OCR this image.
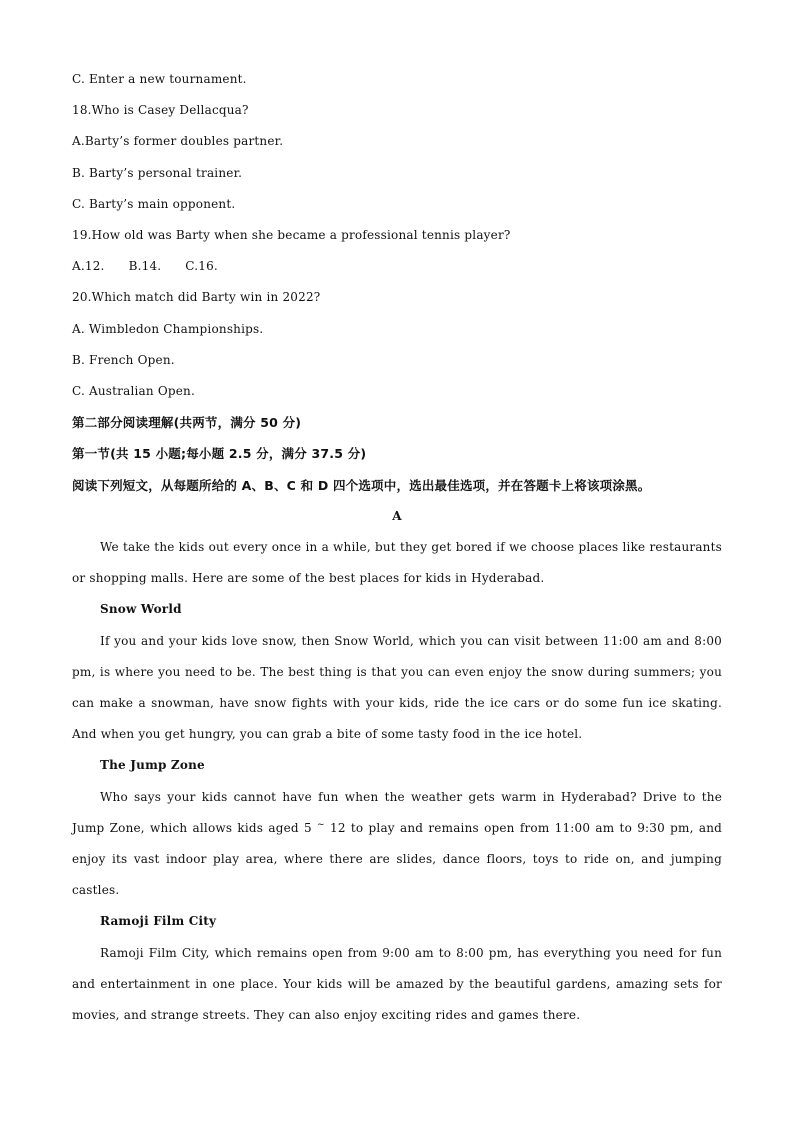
C. Enter a new tournament.
18.Who is Casey Dellacqua?
A.Barty’s former doubles partner.
B. Barty’s personal trainer.
C. Barty’s main opponent.
19.How old was Barty when she became a professional tennis player?
A.12. B.14. C.16.
20.Which match did Barty win in 2022?
A. Wimbledon Championships.
B. French Open.
C. Australian Open.
第二部分阅读理解(共两节，满分 50 分)
第一节(共 15 小题;每小题 2.5 分，满分 37.5 分)
阅读下列短文，从每题所给的 A、B、C 和 D 四个选项中，选出最佳选项，并在答题卡上将该项涂黑。
A
We take the kids out every once in a while, but they get bored if we choose places like restaurants or shopping malls. Here are some of the best places for kids in Hyderabad.
Snow World
If you and your kids love snow, then Snow World, which you can visit between 11:00 am and 8:00 pm, is where you need to be. The best thing is that you can even enjoy the snow during summers; you can make a snowman, have snow fights with your kids, ride the ice cars or do some fun ice skating. And when you get hungry, you can grab a bite of some tasty food in the ice hotel.
The Jump Zone
Who says your kids cannot have fun when the weather gets warm in Hyderabad? Drive to the Jump Zone, which allows kids aged 5 ~ 12 to play and remains open from 11:00 am to 9:30 pm, and enjoy its vast indoor play area, where there are slides, dance floors, toys to ride on, and jumping castles.
Ramoji Film City
Ramoji Film City, which remains open from 9:00 am to 8:00 pm, has everything you need for fun and entertainment in one place. Your kids will be amazed by the beautiful gardens, amazing sets for movies, and strange streets. They can also enjoy exciting rides and games there.
